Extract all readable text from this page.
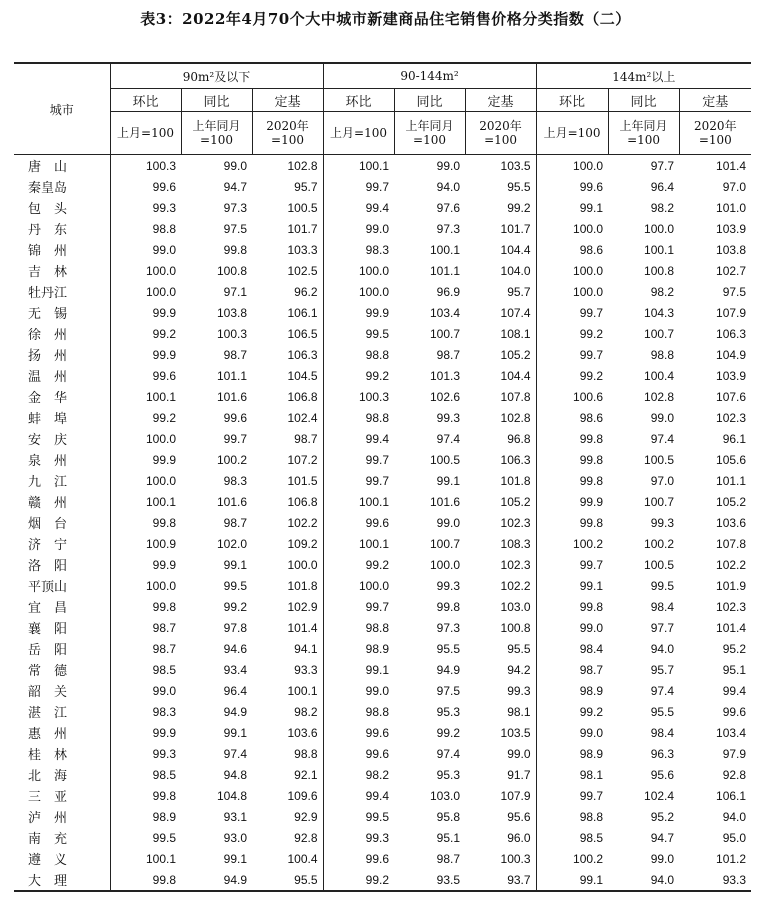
表3：2022年4月70个大中城市新建商品住宅销售价格分类指数（二）
城市	90m²及以下			90-144m²			144m²以上		
	环比	同比	定基	环比	同比	定基	环比	同比	定基
	上月=100	上年同月=100	2020年=100	上月=100	上年同月=100	2020年=100	上月=100	上年同月=100	2020年=100
唐　山	100.3	99.0	102.8	100.1	99.0	103.5	100.0	97.7	101.4
秦皇岛	99.6	94.7	95.7	99.7	94.0	95.5	99.6	96.4	97.0
包　头	99.3	97.3	100.5	99.4	97.6	99.2	99.1	98.2	101.0
丹　东	98.8	97.5	101.7	99.0	97.3	101.7	100.0	100.0	103.9
锦　州	99.0	99.8	103.3	98.3	100.1	104.4	98.6	100.1	103.8
吉　林	100.0	100.8	102.5	100.0	101.1	104.0	100.0	100.8	102.7
牡丹江	100.0	97.1	96.2	100.0	96.9	95.7	100.0	98.2	97.5
无　锡	99.9	103.8	106.1	99.9	103.4	107.4	99.7	104.3	107.9
徐　州	99.2	100.3	106.5	99.5	100.7	108.1	99.2	100.7	106.3
扬　州	99.9	98.7	106.3	98.8	98.7	105.2	99.7	98.8	104.9
温　州	99.6	101.1	104.5	99.2	101.3	104.4	99.2	100.4	103.9
金　华	100.1	101.6	106.8	100.3	102.6	107.8	100.6	102.8	107.6
蚌　埠	99.2	99.6	102.4	98.8	99.3	102.8	98.6	99.0	102.3
安　庆	100.0	99.7	98.7	99.4	97.4	96.8	99.8	97.4	96.1
泉　州	99.9	100.2	107.2	99.7	100.5	106.3	99.8	100.5	105.6
九　江	100.0	98.3	101.5	99.7	99.1	101.8	99.8	97.0	101.1
赣　州	100.1	101.6	106.8	100.1	101.6	105.2	99.9	100.7	105.2
烟　台	99.8	98.7	102.2	99.6	99.0	102.3	99.8	99.3	103.6
济　宁	100.9	102.0	109.2	100.1	100.7	108.3	100.2	100.2	107.8
洛　阳	99.9	99.1	100.0	99.2	100.0	102.3	99.7	100.5	102.2
平顶山	100.0	99.5	101.8	100.0	99.3	102.2	99.1	99.5	101.9
宜　昌	99.8	99.2	102.9	99.7	99.8	103.0	99.8	98.4	102.3
襄　阳	98.7	97.8	101.4	98.8	97.3	100.8	99.0	97.7	101.4
岳　阳	98.7	94.6	94.1	98.9	95.5	95.5	98.4	94.0	95.2
常　德	98.5	93.4	93.3	99.1	94.9	94.2	98.7	95.7	95.1
韶　关	99.0	96.4	100.1	99.0	97.5	99.3	98.9	97.4	99.4
湛　江	98.3	94.9	98.2	98.8	95.3	98.1	99.2	95.5	99.6
惠　州	99.9	99.1	103.6	99.6	99.2	103.5	99.0	98.4	103.4
桂　林	99.3	97.4	98.8	99.6	97.4	99.0	98.9	96.3	97.9
北　海	98.5	94.8	92.1	98.2	95.3	91.7	98.1	95.6	92.8
三　亚	99.8	104.8	109.6	99.4	103.0	107.9	99.7	102.4	106.1
泸　州	98.9	93.1	92.9	99.5	95.8	95.6	98.8	95.2	94.0
南　充	99.5	93.0	92.8	99.3	95.1	96.0	98.5	94.7	95.0
遵　义	100.1	99.1	100.4	99.6	98.7	100.3	100.2	99.0	101.2
大　理	99.8	94.9	95.5	99.2	93.5	93.7	99.1	94.0	93.3
